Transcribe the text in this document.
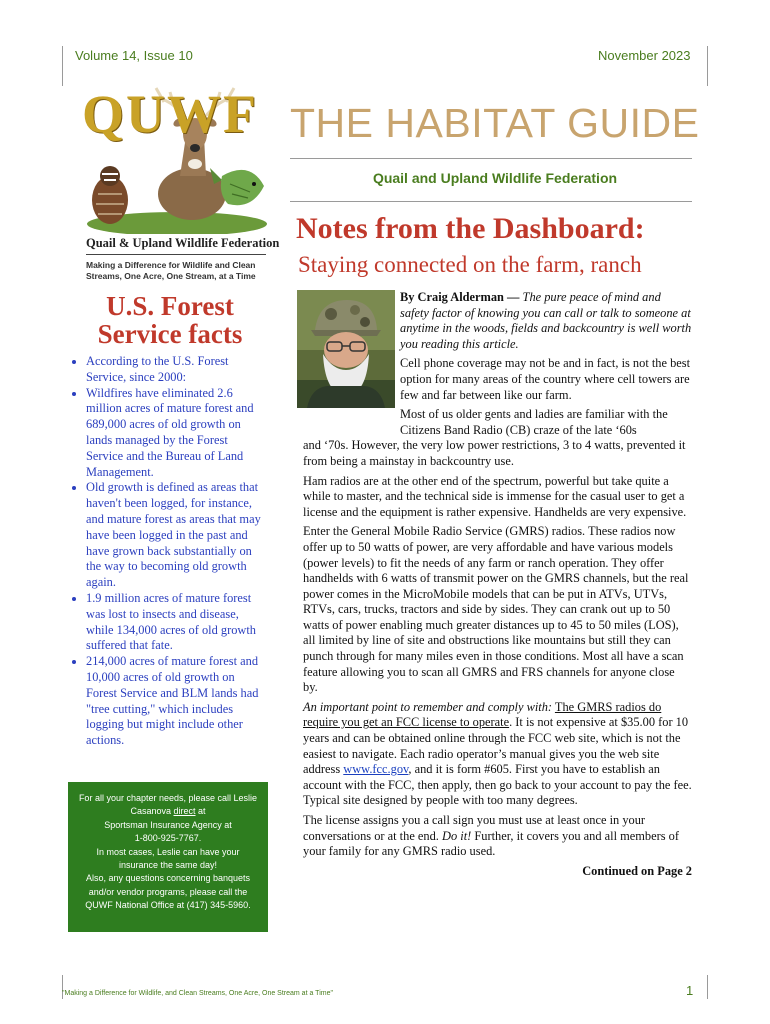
Volume 14, Issue 10	November 2023
QUWF
Quail & Upland Wildlife Federation
Making a Difference for Wildlife and Clean Streams, One Acre, One Stream, at a Time
THE HABITAT GUIDE
Quail and Upland Wildlife Federation
Notes from the Dashboard:
Staying connected on the farm, ranch
U.S. Forest Service facts
• According to the U.S. Forest Service, since 2000:
• Wildfires have eliminated 2.6 million acres of mature forest and 689,000 acres of old growth on lands managed by the Forest Service and the Bureau of Land Management.
• Old growth is defined as areas that haven't been logged, for instance, and mature forest as areas that may have been logged in the past and have grown back substantially on the way to becoming old growth again.
• 1.9 million acres of mature forest was lost to insects and disease, while 134,000 acres of old growth suffered that fate.
• 214,000 acres of mature forest and 10,000 acres of old growth on Forest Service and BLM lands had "tree cutting," which includes logging but might include other actions.

For all your chapter needs, please call Leslie Casanova direct at

Sportsman Insurance Agency at

1-800-925-7767.

In most cases, Leslie can have your insurance the same day!

Also, any questions concerning banquets and/or vendor programs, please call the QUWF National Office at (417) 345-5960.

By Craig Alderman — The pure peace of mind and safety factor of knowing you can call or talk to someone at anytime in the woods, fields and backcountry is well worth you reading this article.

Cell phone coverage may not be and in fact, is not the best option for many areas of the country where cell towers are few and far between like our farm.

Most of us older gents and ladies are familiar with the Citizens Band Radio (CB) craze of the late ‘60s

and ‘70s. However, the very low power restrictions, 3 to 4 watts, prevented it from being a mainstay in backcountry use.

Ham radios are at the other end of the spectrum, powerful but take quite a while to master, and the technical side is immense for the casual user to get a license and the equipment is rather expensive. Handhelds are very expensive.

Enter the General Mobile Radio Service (GMRS) radios. These radios now offer up to 50 watts of power, are very affordable and have various models (power levels) to fit the needs of any farm or ranch operation. They offer handhelds with 6 watts of transmit power on the GMRS channels, but the real power comes in the MicroMobile models that can be put in ATVs, UTVs, RTVs, cars, trucks, tractors and side by sides. They can crank out up to 50 watts of power enabling much greater distances up to 45 to 50 miles (LOS), all limited by line of site and obstructions like mountains but still they can punch through for many miles even in those conditions. Most all have a scan feature allowing you to scan all GMRS and FRS channels for anyone close by.

An important point to remember and comply with: The GMRS radios do require you get an FCC license to operate. It is not expensive at $35.00 for 10 years and can be obtained online through the FCC web site, which is not the easiest to navigate. Each radio operator’s manual gives you the web site address www.fcc.gov, and it is form #605. First you have to establish an account with the FCC, then apply, then go back to your account to pay the fee. Typical site designed by people with too many degrees.

The license assigns you a call sign you must use at least once in your conversations or at the end. Do it! Further, it covers you and all members of your family for any GMRS radio used.

Continued on Page 2
"Making a Difference for Wildlife, and Clean Streams, One Acre, One Stream at a Time"	1
